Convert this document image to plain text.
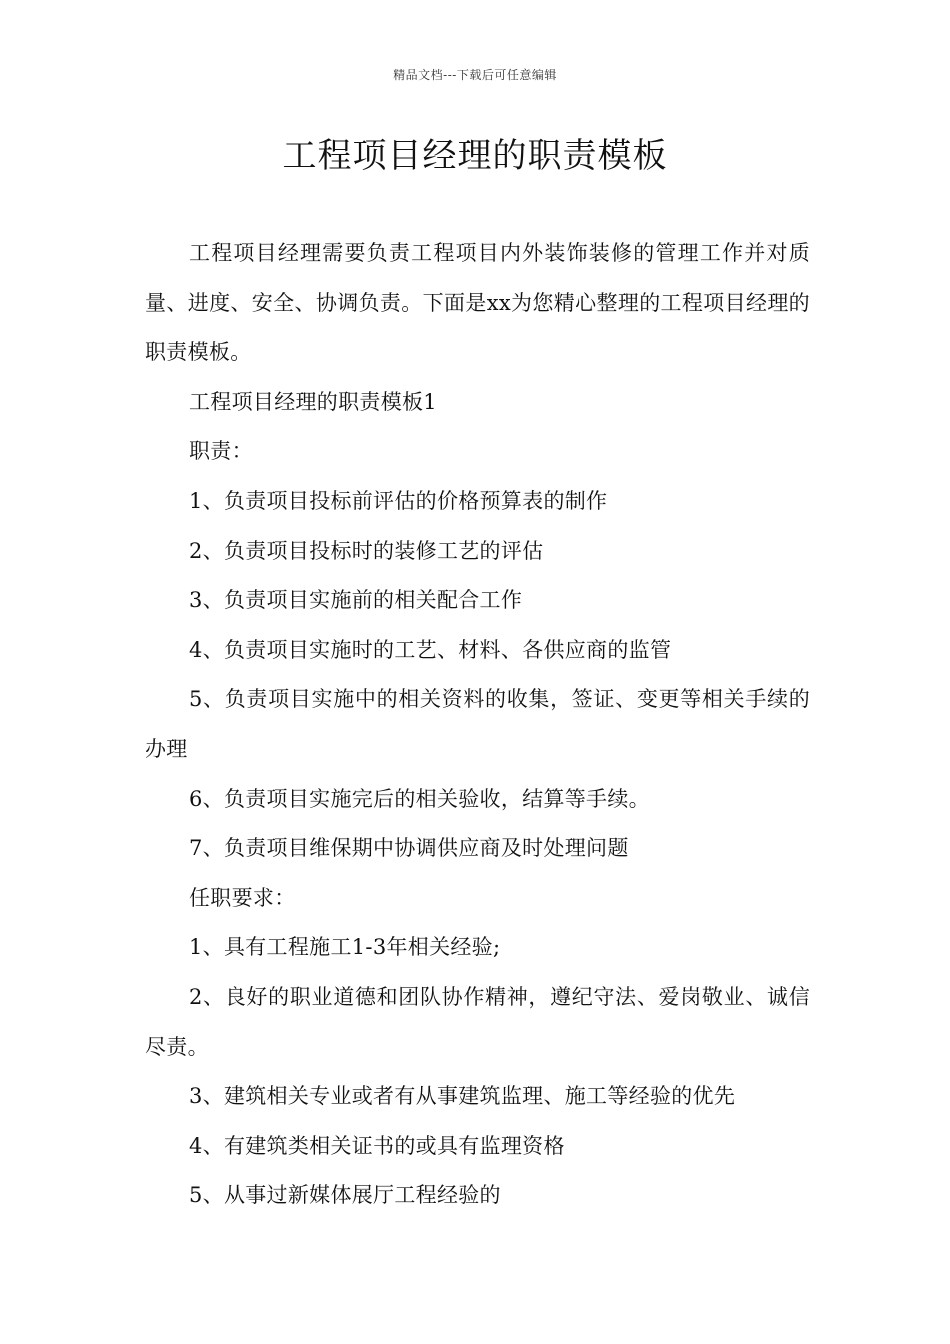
精品文档---下载后可任意编辑
工程项目经理的职责模板

工程项目经理需要负责工程项目内外装饰装修的管理工作并对质量、进度、安全、协调负责。下面是xx为您精心整理的工程项目经理的职责模板。

工程项目经理的职责模板1

职责：

1、负责项目投标前评估的价格预算表的制作

2、负责项目投标时的装修工艺的评估

3、负责项目实施前的相关配合工作

4、负责项目实施时的工艺、材料、各供应商的监管

5、负责项目实施中的相关资料的收集，签证、变更等相关手续的办理

6、负责项目实施完后的相关验收，结算等手续。

7、负责项目维保期中协调供应商及时处理问题

任职要求：

1、具有工程施工1-3年相关经验;

2、良好的职业道德和团队协作精神，遵纪守法、爱岗敬业、诚信尽责。

3、建筑相关专业或者有从事建筑监理、施工等经验的优先

4、有建筑类相关证书的或具有监理资格

5、从事过新媒体展厅工程经验的
